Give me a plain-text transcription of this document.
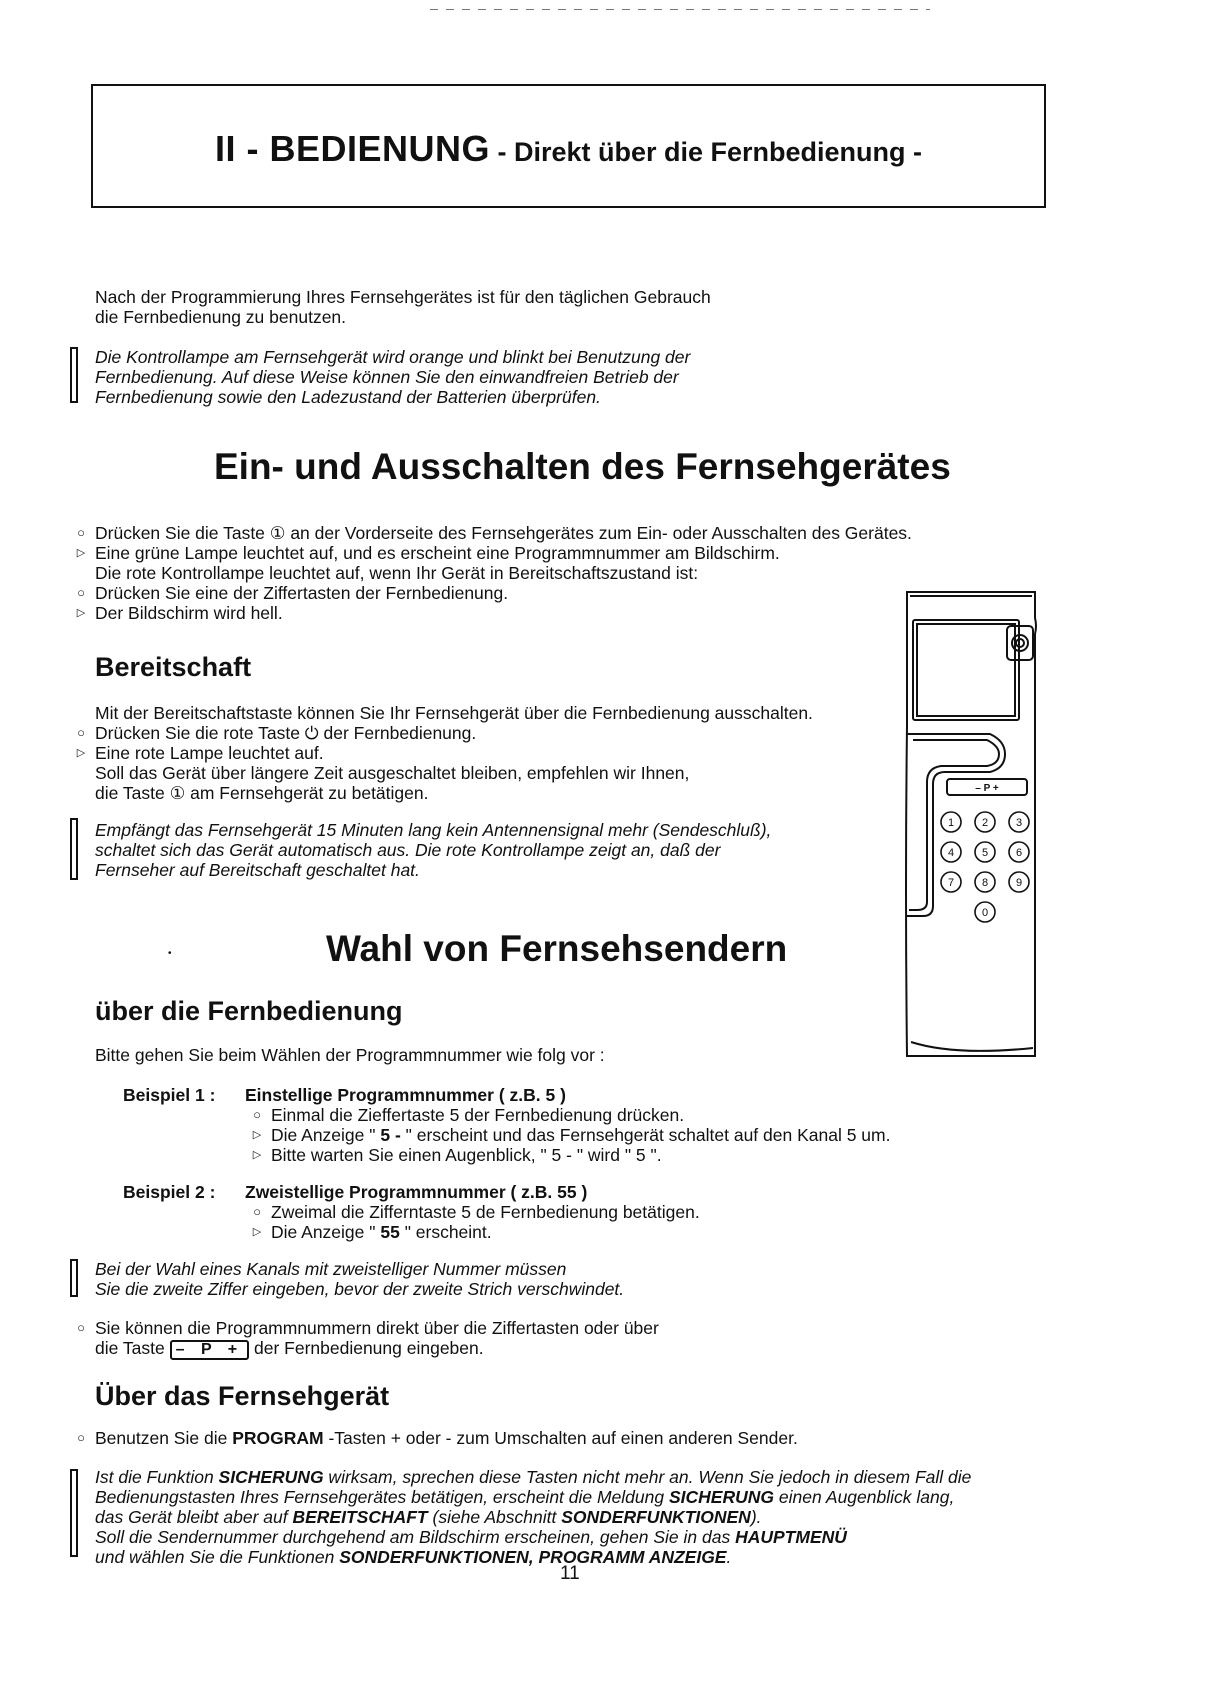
II - BEDIENUNG - Direkt über die Fernbedienung -

Nach der Programmierung Ihres Fernsehgerätes ist für den täglichen Gebrauch

die Fernbedienung zu benutzen.

Die Kontrollampe am Fernsehgerät wird orange und blinkt bei Benutzung der

Fernbedienung. Auf diese Weise können Sie den einwandfreien Betrieb der

Fernbedienung sowie den Ladezustand der Batterien überprüfen.

Ein- und Ausschalten des Fernsehgerätes

○ Drücken Sie die Taste ① an der Vorderseite des Fernsehgerätes zum Ein- oder Ausschalten des Gerätes.

▷ Eine grüne Lampe leuchtet auf, und es erscheint eine Programmnummer am Bildschirm.

Die rote Kontrollampe leuchtet auf, wenn Ihr Gerät in Bereitschaftszustand ist:

○ Drücken Sie eine der Ziffertasten der Fernbedienung.

▷ Der Bildschirm wird hell.

Bereitschaft

Mit der Bereitschaftstaste können Sie Ihr Fernsehgerät über die Fernbedienung ausschalten.

○ Drücken Sie die rote Taste ⏻ der Fernbedienung.

▷ Eine rote Lampe leuchtet auf.

Soll das Gerät über längere Zeit ausgeschaltet bleiben, empfehlen wir Ihnen,

die Taste ① am Fernsehgerät zu betätigen.

Empfängt das Fernsehgerät 15 Minuten lang kein Antennensignal mehr (Sendeschluß),

schaltet sich das Gerät automatisch aus. Die rote Kontrollampe zeigt an, daß der

Fernseher auf Bereitschaft geschaltet hat.

– P +
1	2	3
4	5	6
7	8	9
0
•	Wahl von Fernsehsendern
über die Fernbedienung

Bitte gehen Sie beim Wählen der Programmnummer wie folg vor :

Beispiel 1 : Einstellige Programmnummer ( z.B. 5 )

○ Einmal die Zieffertaste 5 der Fernbedienung drücken.

▷ Die Anzeige " 5 - " erscheint und das Fernsehgerät schaltet auf den Kanal 5 um.

▷ Bitte warten Sie einen Augenblick, " 5 - " wird " 5 ".

Beispiel 2 : Zweistellige Programmnummer ( z.B. 55 )

○ Zweimal die Zifferntaste 5 de Fernbedienung betätigen.

▷ Die Anzeige " 55 " erscheint.

Bei der Wahl eines Kanals mit zweistelliger Nummer müssen

Sie die zweite Ziffer eingeben, bevor der zweite Strich verschwindet.

○ Sie können die Programmnummern direkt über die Ziffertasten oder über

die Taste – P + der Fernbedienung eingeben.

Über das Fernsehgerät

○ Benutzen Sie die PROGRAM -Tasten + oder - zum Umschalten auf einen anderen Sender.

Ist die Funktion SICHERUNG wirksam, sprechen diese Tasten nicht mehr an. Wenn Sie jedoch in diesem Fall die

Bedienungstasten Ihres Fernsehgerätes betätigen, erscheint die Meldung SICHERUNG einen Augenblick lang,

das Gerät bleibt aber auf BEREITSCHAFT (siehe Abschnitt SONDERFUNKTIONEN).

Soll die Sendernummer durchgehend am Bildschirm erscheinen, gehen Sie in das HAUPTMENÜ

und wählen Sie die Funktionen SONDERFUNKTIONEN, PROGRAMM ANZEIGE.

11
